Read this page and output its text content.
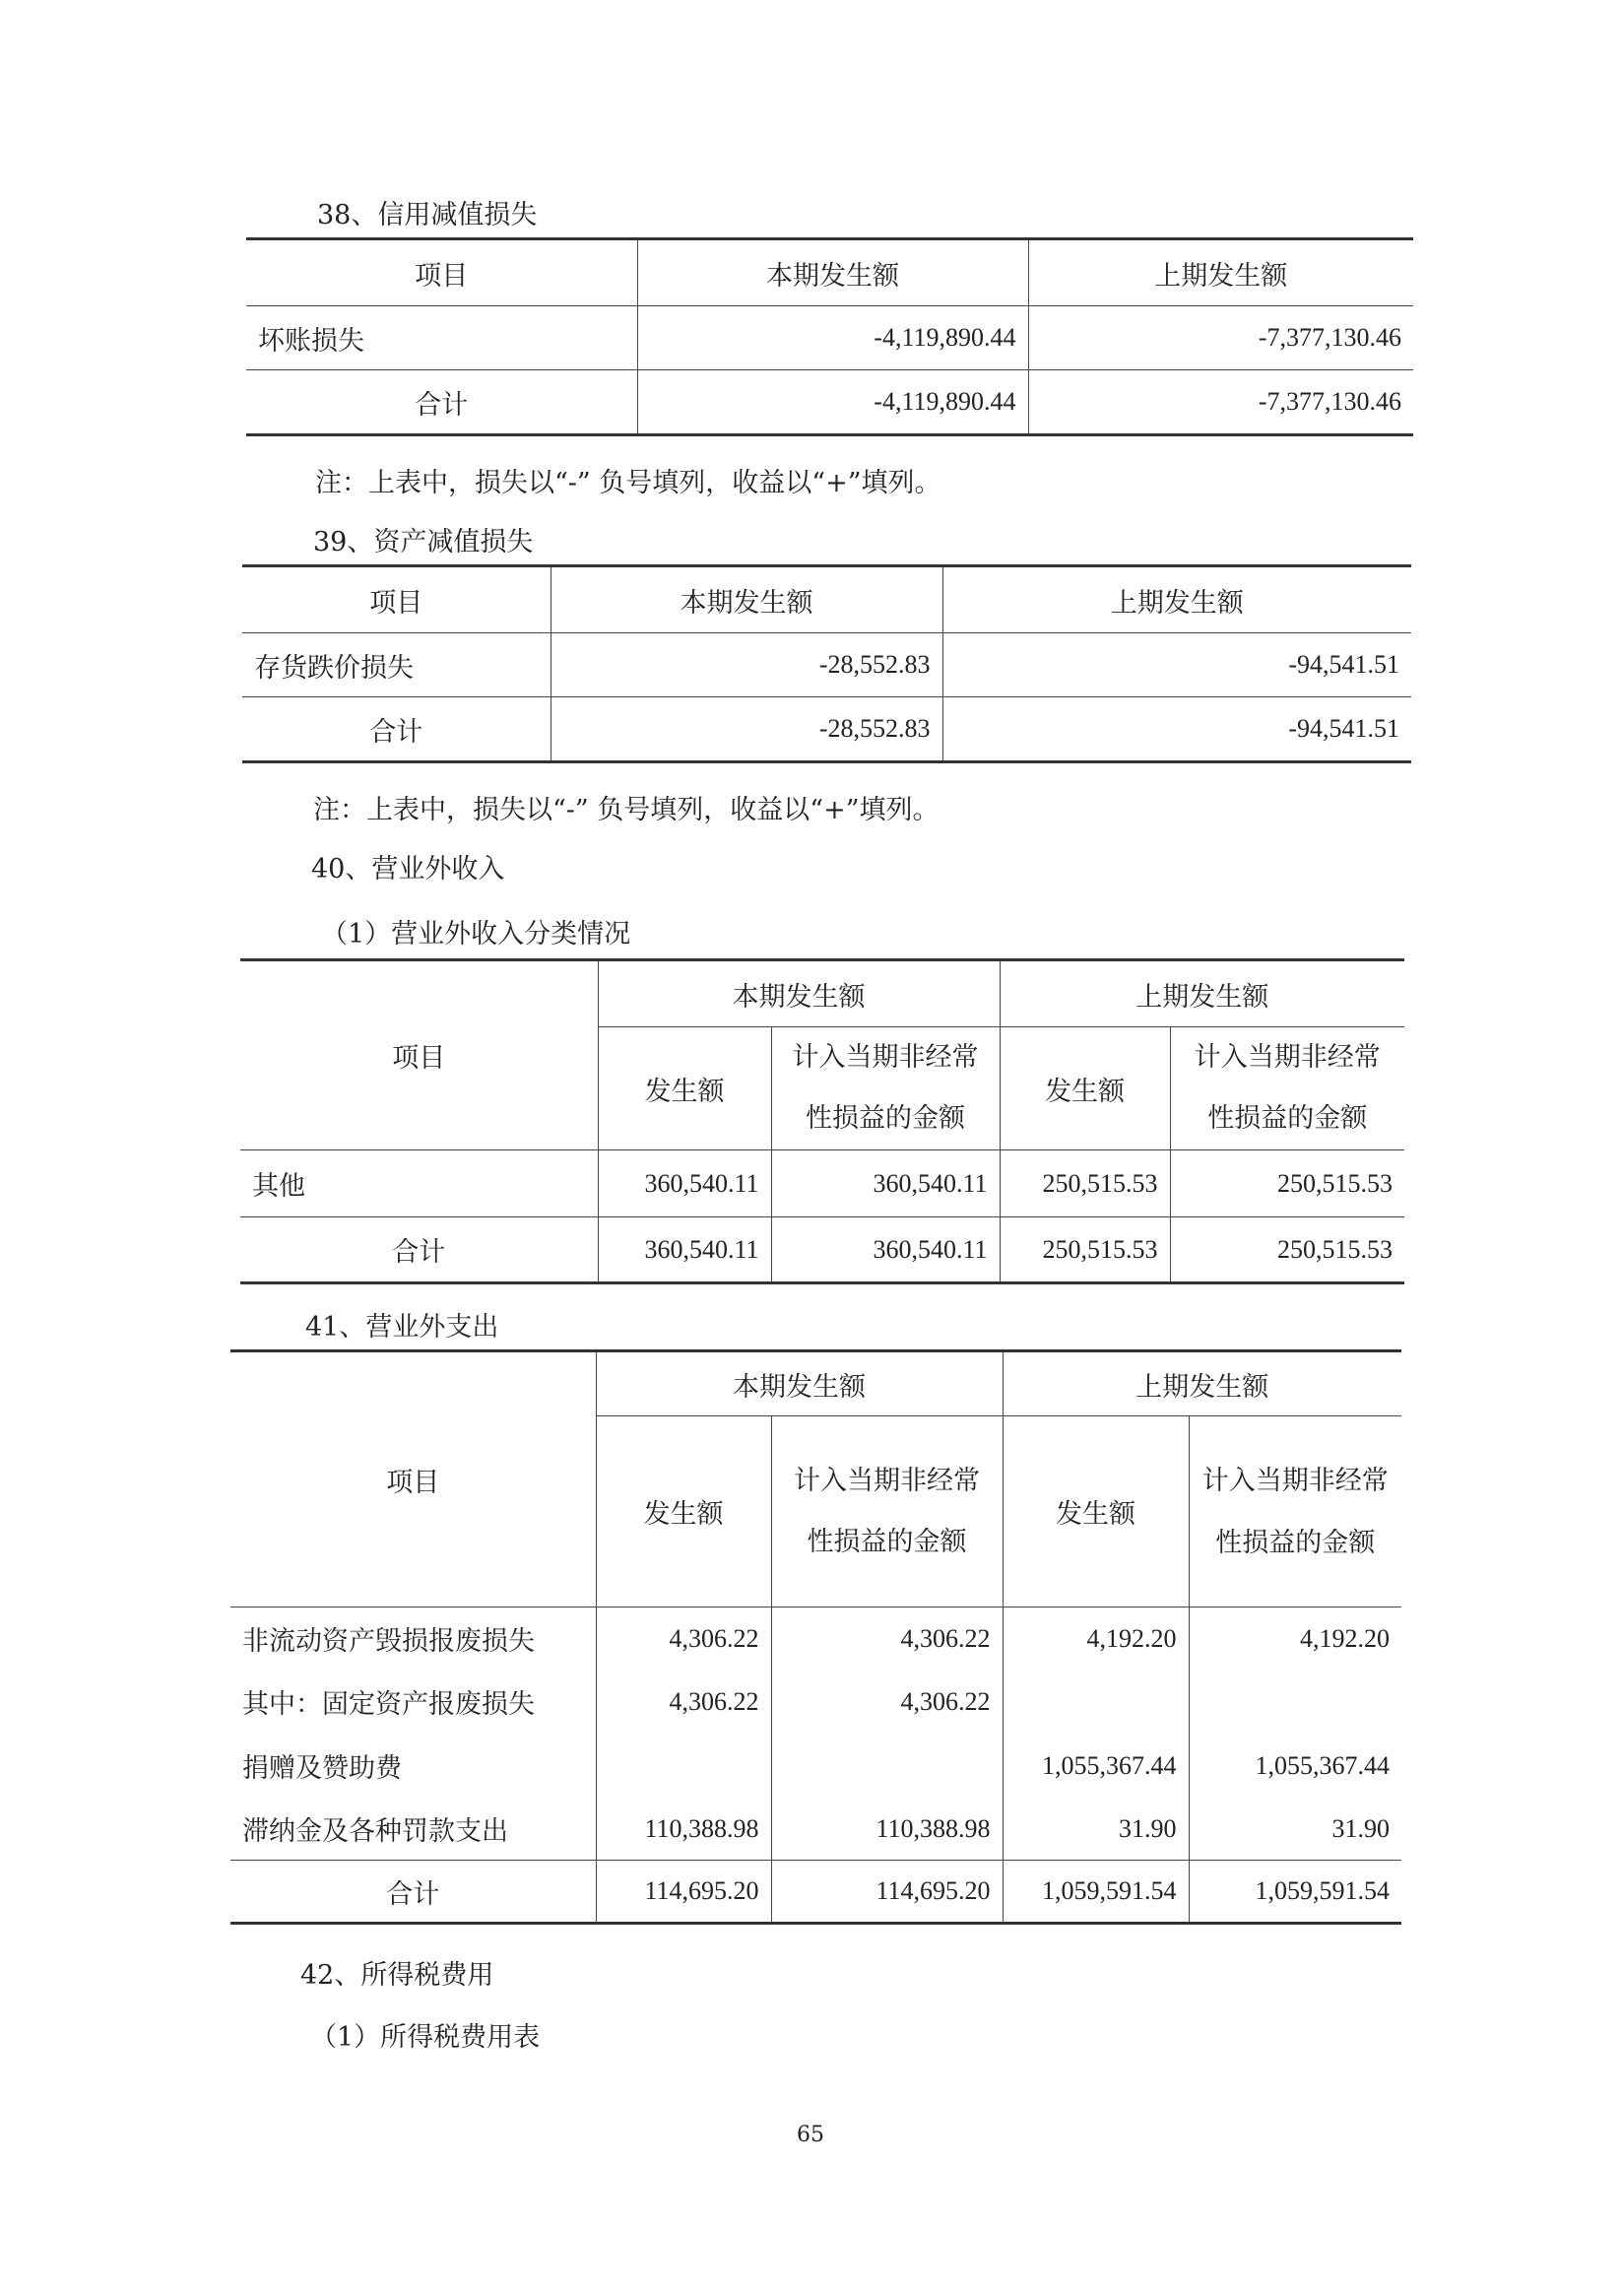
38、信用减值损失
项目	本期发生额	上期发生额
坏账损失	-4,119,890.44	-7,377,130.46
合计	-4,119,890.44	-7,377,130.46
注：上表中，损失以“-” 负号填列，收益以“+”填列。
39、资产减值损失
项目	本期发生额	上期发生额
存货跌价损失	-28,552.83	-94,541.51
合计	-28,552.83	-94,541.51
注：上表中，损失以“-” 负号填列，收益以“+”填列。
40、营业外收入
（1）营业外收入分类情况
项目	本期发生额		上期发生额	
	发生额	计入当期非经常性损益的金额	发生额	计入当期非经常性损益的金额
其他	360,540.11	360,540.11	250,515.53	250,515.53
合计	360,540.11	360,540.11	250,515.53	250,515.53
41、营业外支出
项目	本期发生额		上期发生额	
	发生额	计入当期非经常性损益的金额	发生额	计入当期非经常性损益的金额
非流动资产毁损报废损失	4,306.22	4,306.22	4,192.20	4,192.20
其中：固定资产报废损失	4,306.22	4,306.22		
捐赠及赞助费			1,055,367.44	1,055,367.44
滞纳金及各种罚款支出	110,388.98	110,388.98	31.90	31.90
合计	114,695.20	114,695.20	1,059,591.54	1,059,591.54
42、所得税费用
（1）所得税费用表
65
